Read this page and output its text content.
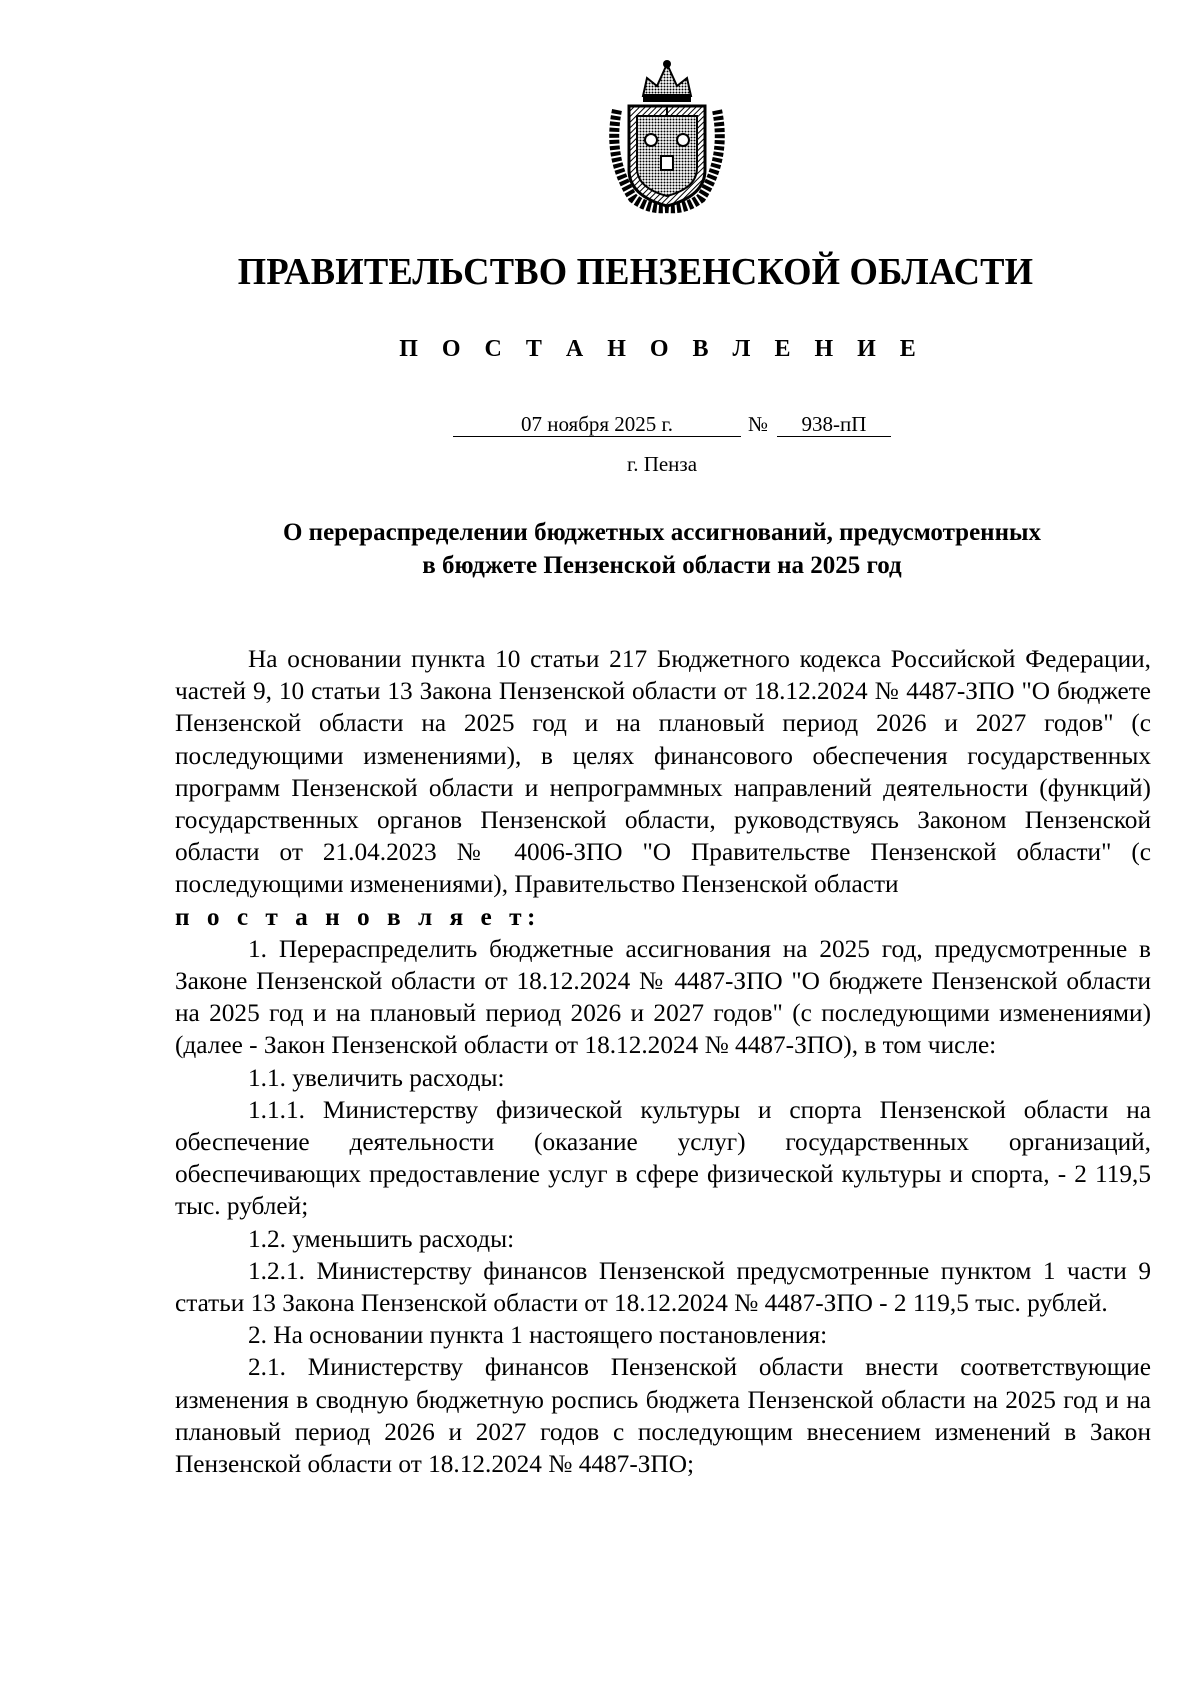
ПРАВИТЕЛЬСТВО ПЕНЗЕНСКОЙ ОБЛАСТИ
П О С Т А Н О В Л Е Н И Е
07 ноября 2025 г.	№	938-пП
г. Пенза
О перераспределении бюджетных ассигнований, предусмотренных
в бюджете Пензенской области на 2025 год

На основании пункта 10 статьи 217 Бюджетного кодекса Российской Федерации, частей 9, 10 статьи 13 Закона Пензенской области от 18.12.2024 № 4487-ЗПО "О бюджете Пензенской области на 2025 год и на плановый период 2026 и 2027 годов" (с последующими изменениями), в целях финансового обеспечения государственных программ Пензенской области и непрограммных направлений деятельности (функций) государственных органов Пензенской области, руководствуясь Законом Пензенской области от 21.04.2023 № 4006-ЗПО "О Правительстве Пензенской области" (с последующими изменениями), Правительство Пензенской области

п о с т а н о в л я е т:

1. Перераспределить бюджетные ассигнования на 2025 год, предусмотренные в Законе Пензенской области от 18.12.2024 № 4487-ЗПО "О бюджете Пензенской области на 2025 год и на плановый период 2026 и 2027 годов" (с последующими изменениями) (далее - Закон Пензенской области от 18.12.2024 № 4487-ЗПО), в том числе:

1.1. увеличить расходы:

1.1.1. Министерству физической культуры и спорта Пензенской области на обеспечение деятельности (оказание услуг) государственных организаций, обеспечивающих предоставление услуг в сфере физической культуры и спорта, - 2 119,5 тыс. рублей;

1.2. уменьшить расходы:

1.2.1. Министерству финансов Пензенской предусмотренные пунктом 1 части 9 статьи 13 Закона Пензенской области от 18.12.2024 № 4487-ЗПО - 2 119,5 тыс. рублей.

2. На основании пункта 1 настоящего постановления:

2.1. Министерству финансов Пензенской области внести соответствующие изменения в сводную бюджетную роспись бюджета Пензенской области на 2025 год и на плановый период 2026 и 2027 годов с последующим внесением изменений в Закон Пензенской области от 18.12.2024 № 4487-ЗПО;
